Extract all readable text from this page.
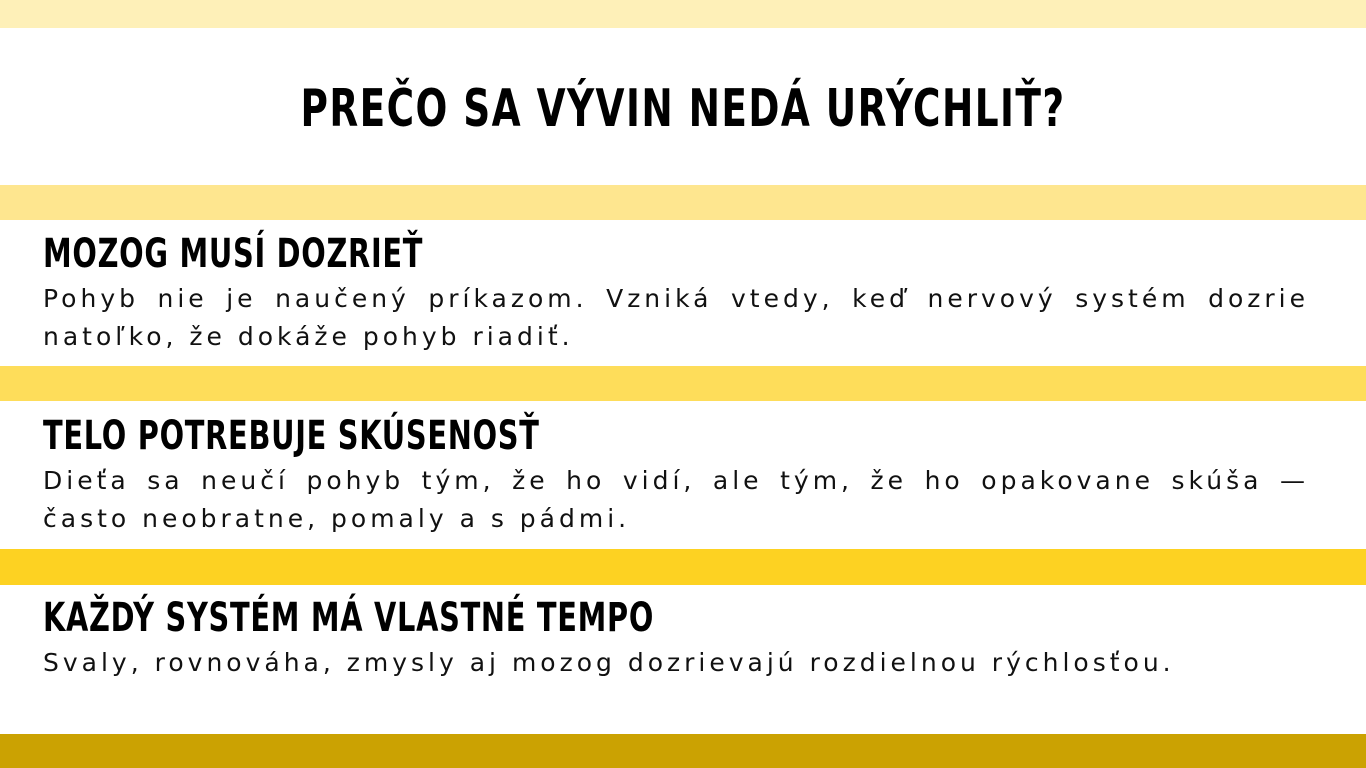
PREČO SA VÝVIN NEDÁ URÝCHLIŤ?
MOZOG MUSÍ DOZRIEŤ

Pohyb nie je naučený príkazom. Vzniká vtedy, keď nervový systém dozrie natoľko, že dokáže pohyb riadiť.

TELO POTREBUJE SKÚSENOSŤ

Dieťa sa neučí pohyb tým, že ho vidí, ale tým, že ho opakovane skúša — často neobratne, pomaly a s pádmi.

KAŽDÝ SYSTÉM MÁ VLASTNÉ TEMPO

Svaly, rovnováha, zmysly aj mozog dozrievajú rozdielnou rýchlosťou.
